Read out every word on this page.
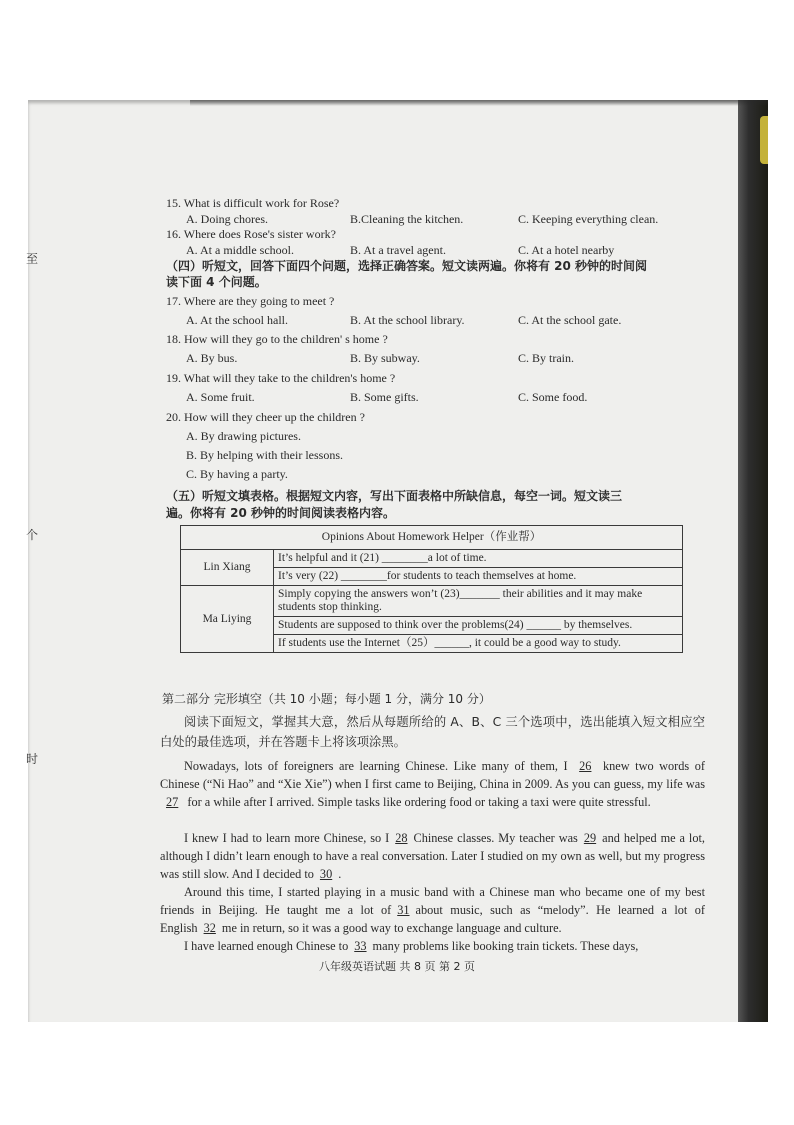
至
个
时
15. What is difficult work for Rose?
A. Doing chores.	B.Cleaning the kitchen.	C. Keeping everything clean.
16. Where does Rose's sister work?
A. At a middle school.	B. At a travel agent.	C. At a hotel nearby
（四）听短文，回答下面四个问题，选择正确答案。短文读两遍。你将有 20 秒钟的时间阅
读下面 4 个问题。
17. Where are they going to meet ?
A. At the school hall.	B. At the school library.	C. At the school gate.
18. How will they go to the children' s home ?
A. By bus.	B. By subway.	C. By train.
19. What will they take to the children's home ?
A. Some fruit.	B. Some gifts.	C. Some food.
20. How will they cheer up the children ?
A. By drawing pictures.
B. By helping with their lessons.
C. By having a party.
（五）听短文填表格。根据短文内容，写出下面表格中所缺信息，每空一词。短文读三
遍。你将有 20 秒钟的时间阅读表格内容。
Opinions About Homework Helper（作业帮）	
Lin Xiang	It’s helpful and it (21) ________a lot of time.
	It’s very (22) ________for students to teach themselves at home.
Ma Liying	Simply copying the answers won’t (23)_______ their abilities and it may make students stop thinking.
	Students are supposed to think over the problems(24) ______ by themselves.
	If students use the Internet（25）______, it could be a good way to study.
第二部分 完形填空（共 10 小题；每小题 1 分，满分 10 分）
阅读下面短文，掌握其大意，然后从每题所给的 A、B、C 三个选项中，选出能填入短文相应空白处的最佳选项，并在答题卡上将该项涂黑。
Nowadays, lots of foreigners are learning Chinese. Like many of them, I 26 knew two words of Chinese (“Ni Hao” and “Xie Xie”) when I first came to Beijing, China in 2009. As you can guess, my life was 27 for a while after I arrived. Simple tasks like ordering food or taking a taxi were quite stressful.
I knew I had to learn more Chinese, so I 28 Chinese classes. My teacher was 29 and helped me a lot, although I didn’t learn enough to have a real conversation. Later I studied on my own as well, but my progress was still slow. And I decided to 30 .
Around this time, I started playing in a music band with a Chinese man who became one of my best friends in Beijing. He taught me a lot of 31 about music, such as “melody”. He learned a lot of English 32 me in return, so it was a good way to exchange language and culture.
I have learned enough Chinese to 33 many problems like booking train tickets. These days,
八年级英语试题 共 8 页 第 2 页
